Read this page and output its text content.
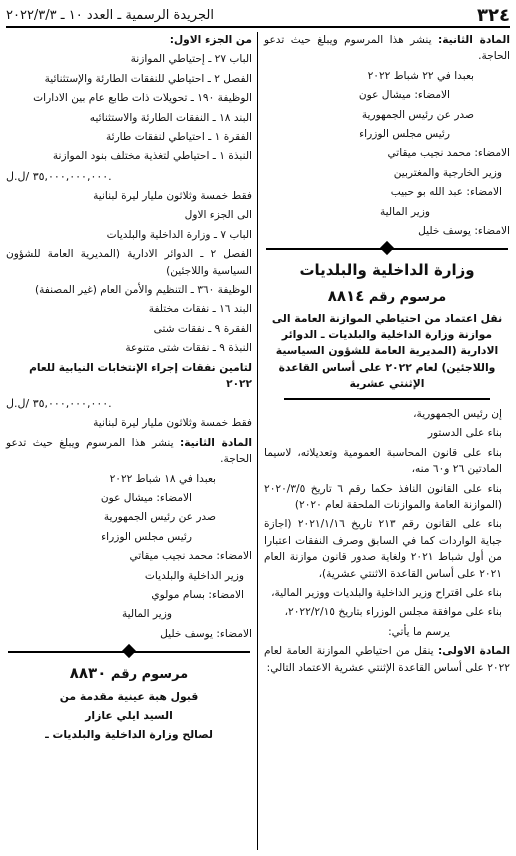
٣٢٤
الجريدة الرسمية ـ العدد ١٠ ـ ٢٠٢٢/٣/٣

المادة الثانية: ينشر هذا المرسوم ويبلغ حيث تدعو الحاجة.

بعبدا في ٢٢ شباط ٢٠٢٢

الامضاء: ميشال عون

صدر عن رئيس الجمهورية

رئيس مجلس الوزراء

الامضاء: محمد نجيب ميقاتي

وزير الخارجية والمغتربين

الامضاء: عبد الله بو حبيب

وزير المالية

الامضاء: يوسف خليل

وزارة الداخلية والبلديات
مرسوم رقم ٨٨١٤

نقل اعتماد من احتياطي الموازنة العامة الى موازنة وزارة الداخلية والبلديات ـ الدوائر الادارية (المديرية العامة للشؤون السياسية واللاجئين) لعام ٢٠٢٢ على أساس القاعدة الإثنتي عشرية

إن رئيس الجمهورية،

بناء على الدستور

بناء على قانون المحاسبة العمومية وتعديلاته، لاسيما المادتين ٢٦ و٦٠ منه،

بناء على القانون النافذ حكما رقم ٦ تاريخ ٢٠٢٠/٣/٥ (الموازنة العامة والموازنات الملحقة لعام ٢٠٢٠)

بناء على القانون رقم ٢١٣ تاريخ ٢٠٢١/١/١٦ (اجازة جباية الواردات كما في السابق وصرف النفقات اعتبارا من أول شباط ٢٠٢١ ولغاية صدور قانون موازنة العام ٢٠٢١ على أساس القاعدة الاثنتي عشرية)،

بناء على اقتراح وزير الداخلية والبلديات ووزير المالية،

بناء على موافقة مجلس الوزراء بتاريخ ٢٠٢٢/٢/١٥،

يرسم ما يأتي:

المادة الاولى: ينقل من احتياطي الموازنة العامة لعام ٢٠٢٢ على أساس القاعدة الإثنتي عشرية الاعتماد التالي:

من الجزء الاول:

الباب ٢٧ ـ إحتياطي الموازنة

الفصل ٢ ـ احتياطي للنفقات الطارئة والإستثنائية

الوظيفة ١٩٠ ـ تحويلات ذات طابع عام بين الادارات

البند ١٨ ـ النفقات الطارئة والاستثنائيه

الفقرة ١ ـ احتياطي لنفقات طارئة

النبذة ١ ـ احتياطي لتغذية مختلف بنود الموازنة

٣٥,٠٠٠,٠٠٠,٠٠٠ /ل.ل.

فقط خمسة وثلاثون مليار ليرة لبنانية

الى الجزء الاول

الباب ٧ ـ وزارة الداخلية والبلديات

الفصل ٢ ـ الدوائر الادارية (المديرية العامة للشؤون السياسية واللاجئين)

الوظيفة ٣٦٠ ـ التنظيم والأمن العام (غير المصنفة)

البند ١٦ ـ نفقات مختلفة

الفقرة ٩ ـ نفقات شتى

النبذة ٩ ـ نفقات شتى متنوعة

لتامين نفقات إجراء الإنتخابات النيابية للعام ٢٠٢٢

٣٥,٠٠٠,٠٠٠,٠٠٠ /ل.ل.

فقط خمسة وثلاثون مليار ليرة لبنانية

المادة الثانية: ينشر هذا المرسوم ويبلغ حيث تدعو الحاجة.

بعبدا في ١٨ شباط ٢٠٢٢

الامضاء: ميشال عون

صدر عن رئيس الجمهورية

رئيس مجلس الوزراء

الامضاء: محمد نجيب ميقاتي

وزير الداخلية والبلديات

الامضاء: بسام مولوي

وزير المالية

الامضاء: يوسف خليل

مرسوم رقم ٨٨٣٠

قبول هبة عينية مقدمة من

السيد ايلي عازار

لصالح وزارة الداخلية والبلديات ـ
